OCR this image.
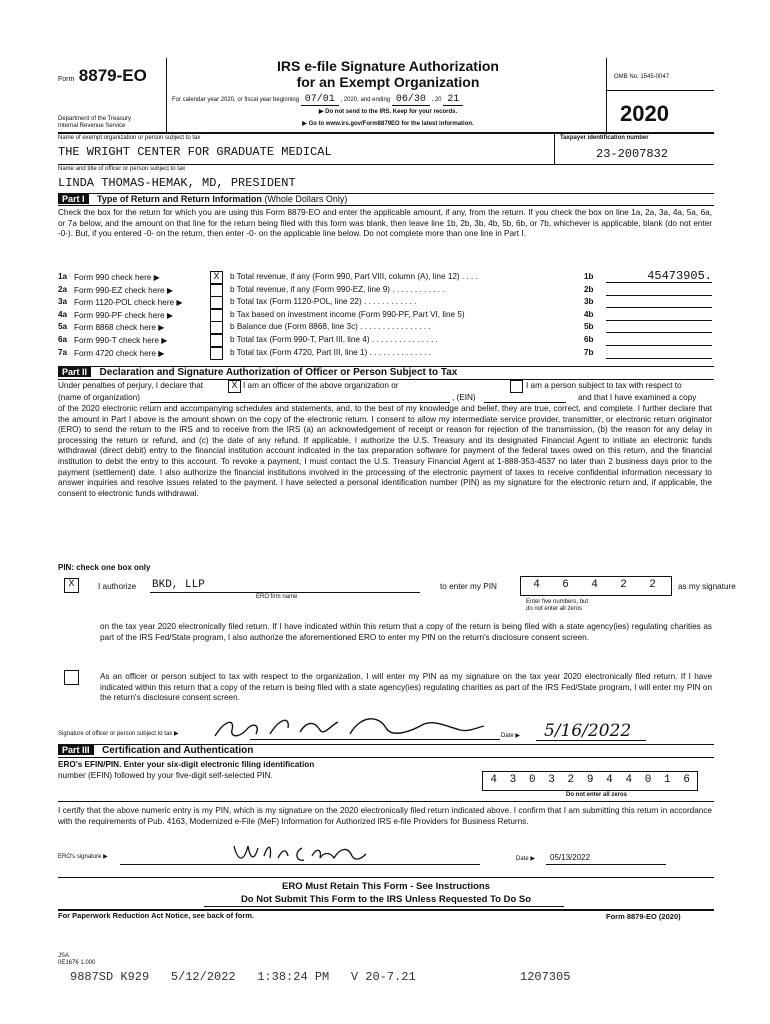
Form 8879-EO
Department of the Treasury
Internal Revenue Service
IRS e-file Signature Authorization
for an Exempt Organization
For calendar year 2020, or fiscal year beginning 07/01 , 2020, and ending 06/30 , 20 21
▶ Do not send to the IRS. Keep for your records.
▶ Go to www.irs.gov/Form8879EO for the latest information.
OMB No. 1545-0047
2020
Name of exempt organization or person subject to tax
THE WRIGHT CENTER FOR GRADUATE MEDICAL
Taxpayer identification number
23-2007832
Name and title of officer or person subject to tax
LINDA THOMAS-HEMAK, MD, PRESIDENT
Part I Type of Return and Return Information (Whole Dollars Only)
Check the box for the return for which you are using this Form 8879-EO and enter the applicable amount, if any, from the return. If you check the box on line 1a, 2a, 3a, 4a, 5a, 6a, or 7a below, and the amount on that line for the return being filed with this form was blank, then leave line 1b, 2b, 3b, 4b, 5b, 6b, or 7b, whichever is applicable, blank (do not enter -0-). But, if you entered -0- on the return, then enter -0- on the applicable line below. Do not complete more than one line in Part I.
1a Form 990 check here ▶	X	b Total revenue, if any (Form 990, Part VIII, column (A), line 12) . . . .	1b	45473905.
2a Form 990-EZ check here ▶	b Total revenue, if any (Form 990-EZ, line 9) . . . . . . . . . . . .	2b
3a Form 1120-POL check here ▶	b Total tax (Form 1120-POL, line 22) . . . . . . . . . . . .	3b
4a Form 990-PF check here ▶	b Tax based on investment income (Form 990-PF, Part VI, line 5)	4b
5a Form 8868 check here ▶	b Balance due (Form 8868, line 3c) . . . . . . . . . . . . . . . .	5b
6a Form 990-T check here ▶	b Total tax (Form 990-T, Part III, line 4) . . . . . . . . . . . . . . .	6b
7a Form 4720 check here ▶	b Total tax (Form 4720, Part III, line 1) . . . . . . . . . . . . . .	7b
Part II Declaration and Signature Authorization of Officer or Person Subject to Tax
Under penalties of perjury, I declare that	X I am an officer of the above organization or	I am a person subject to tax with respect to
(name of organization)	, (EIN)	and that I have examined a copy
of the 2020 electronic return and accompanying schedules and statements, and, to the best of my knowledge and belief, they are true, correct, and complete. I further declare that the amount in Part I above is the amount shown on the copy of the electronic return. I consent to allow my intermediate service provider, transmitter, or electronic return originator (ERO) to send the return to the IRS and to receive from the IRS (a) an acknowledgement of receipt or reason for rejection of the transmission, (b) the reason for any delay in processing the return or refund, and (c) the date of any refund. If applicable, I authorize the U.S. Treasury and its designated Financial Agent to initiate an electronic funds withdrawal (direct debit) entry to the financial institution account indicated in the tax preparation software for payment of the federal taxes owed on this return, and the financial institution to debit the entry to this account. To revoke a payment, I must contact the U.S. Treasury Financial Agent at 1-888-353-4537 no later than 2 business days prior to the payment (settlement) date. I also authorize the financial institutions involved in the processing of the electronic payment of taxes to receive confidential information necessary to answer inquiries and resolve issues related to the payment. I have selected a personal identification number (PIN) as my signature for the electronic return and, if applicable, the consent to electronic funds withdrawal.
PIN: check one box only
X	I authorize BKD, LLP
ERO firm name
to enter my PIN	4	6	4	2	2	as my signature
Enter five numbers, but
do not enter all zeros
on the tax year 2020 electronically filed return. If I have indicated within this return that a copy of the return is being filed with a state agency(ies) regulating charities as part of the IRS Fed/State program, I also authorize the aforementioned ERO to enter my PIN on the return's disclosure consent screen.
As an officer or person subject to tax with respect to the organization, I will enter my PIN as my signature on the tax year 2020 electronically filed return. If I have indicated within this return that a copy of the return is being filed with a state agency(ies) regulating charities as part of the IRS Fed/State program, I will enter my PIN on the return's disclosure consent screen.
Signature of officer or person subject to tax ▶	Date ▶ 5/16/2022
Part III Certification and Authentication
ERO's EFIN/PIN. Enter your six-digit electronic filing identification
number (EFIN) followed by your five-digit self-selected PIN.	4	3	0	3	2	9	4	4	0	1	6
Do not enter all zeros
I certify that the above numeric entry is my PIN, which is my signature on the 2020 electronically filed return indicated above. I confirm that I am submitting this return in accordance with the requirements of Pub. 4163, Modernized e-File (MeF) Information for Authorized IRS e-file Providers for Business Returns.
ERO's signature ▶	Date ▶ 05/13/2022
ERO Must Retain This Form - See Instructions
Do Not Submit This Form to the IRS Unless Requested To Do So
For Paperwork Reduction Act Notice, see back of form.	Form 8879-EO (2020)
JSA
0E1676 1.000
9887SD K929   5/12/2022   1:38:24 PM   V 20-7.21	1207305
